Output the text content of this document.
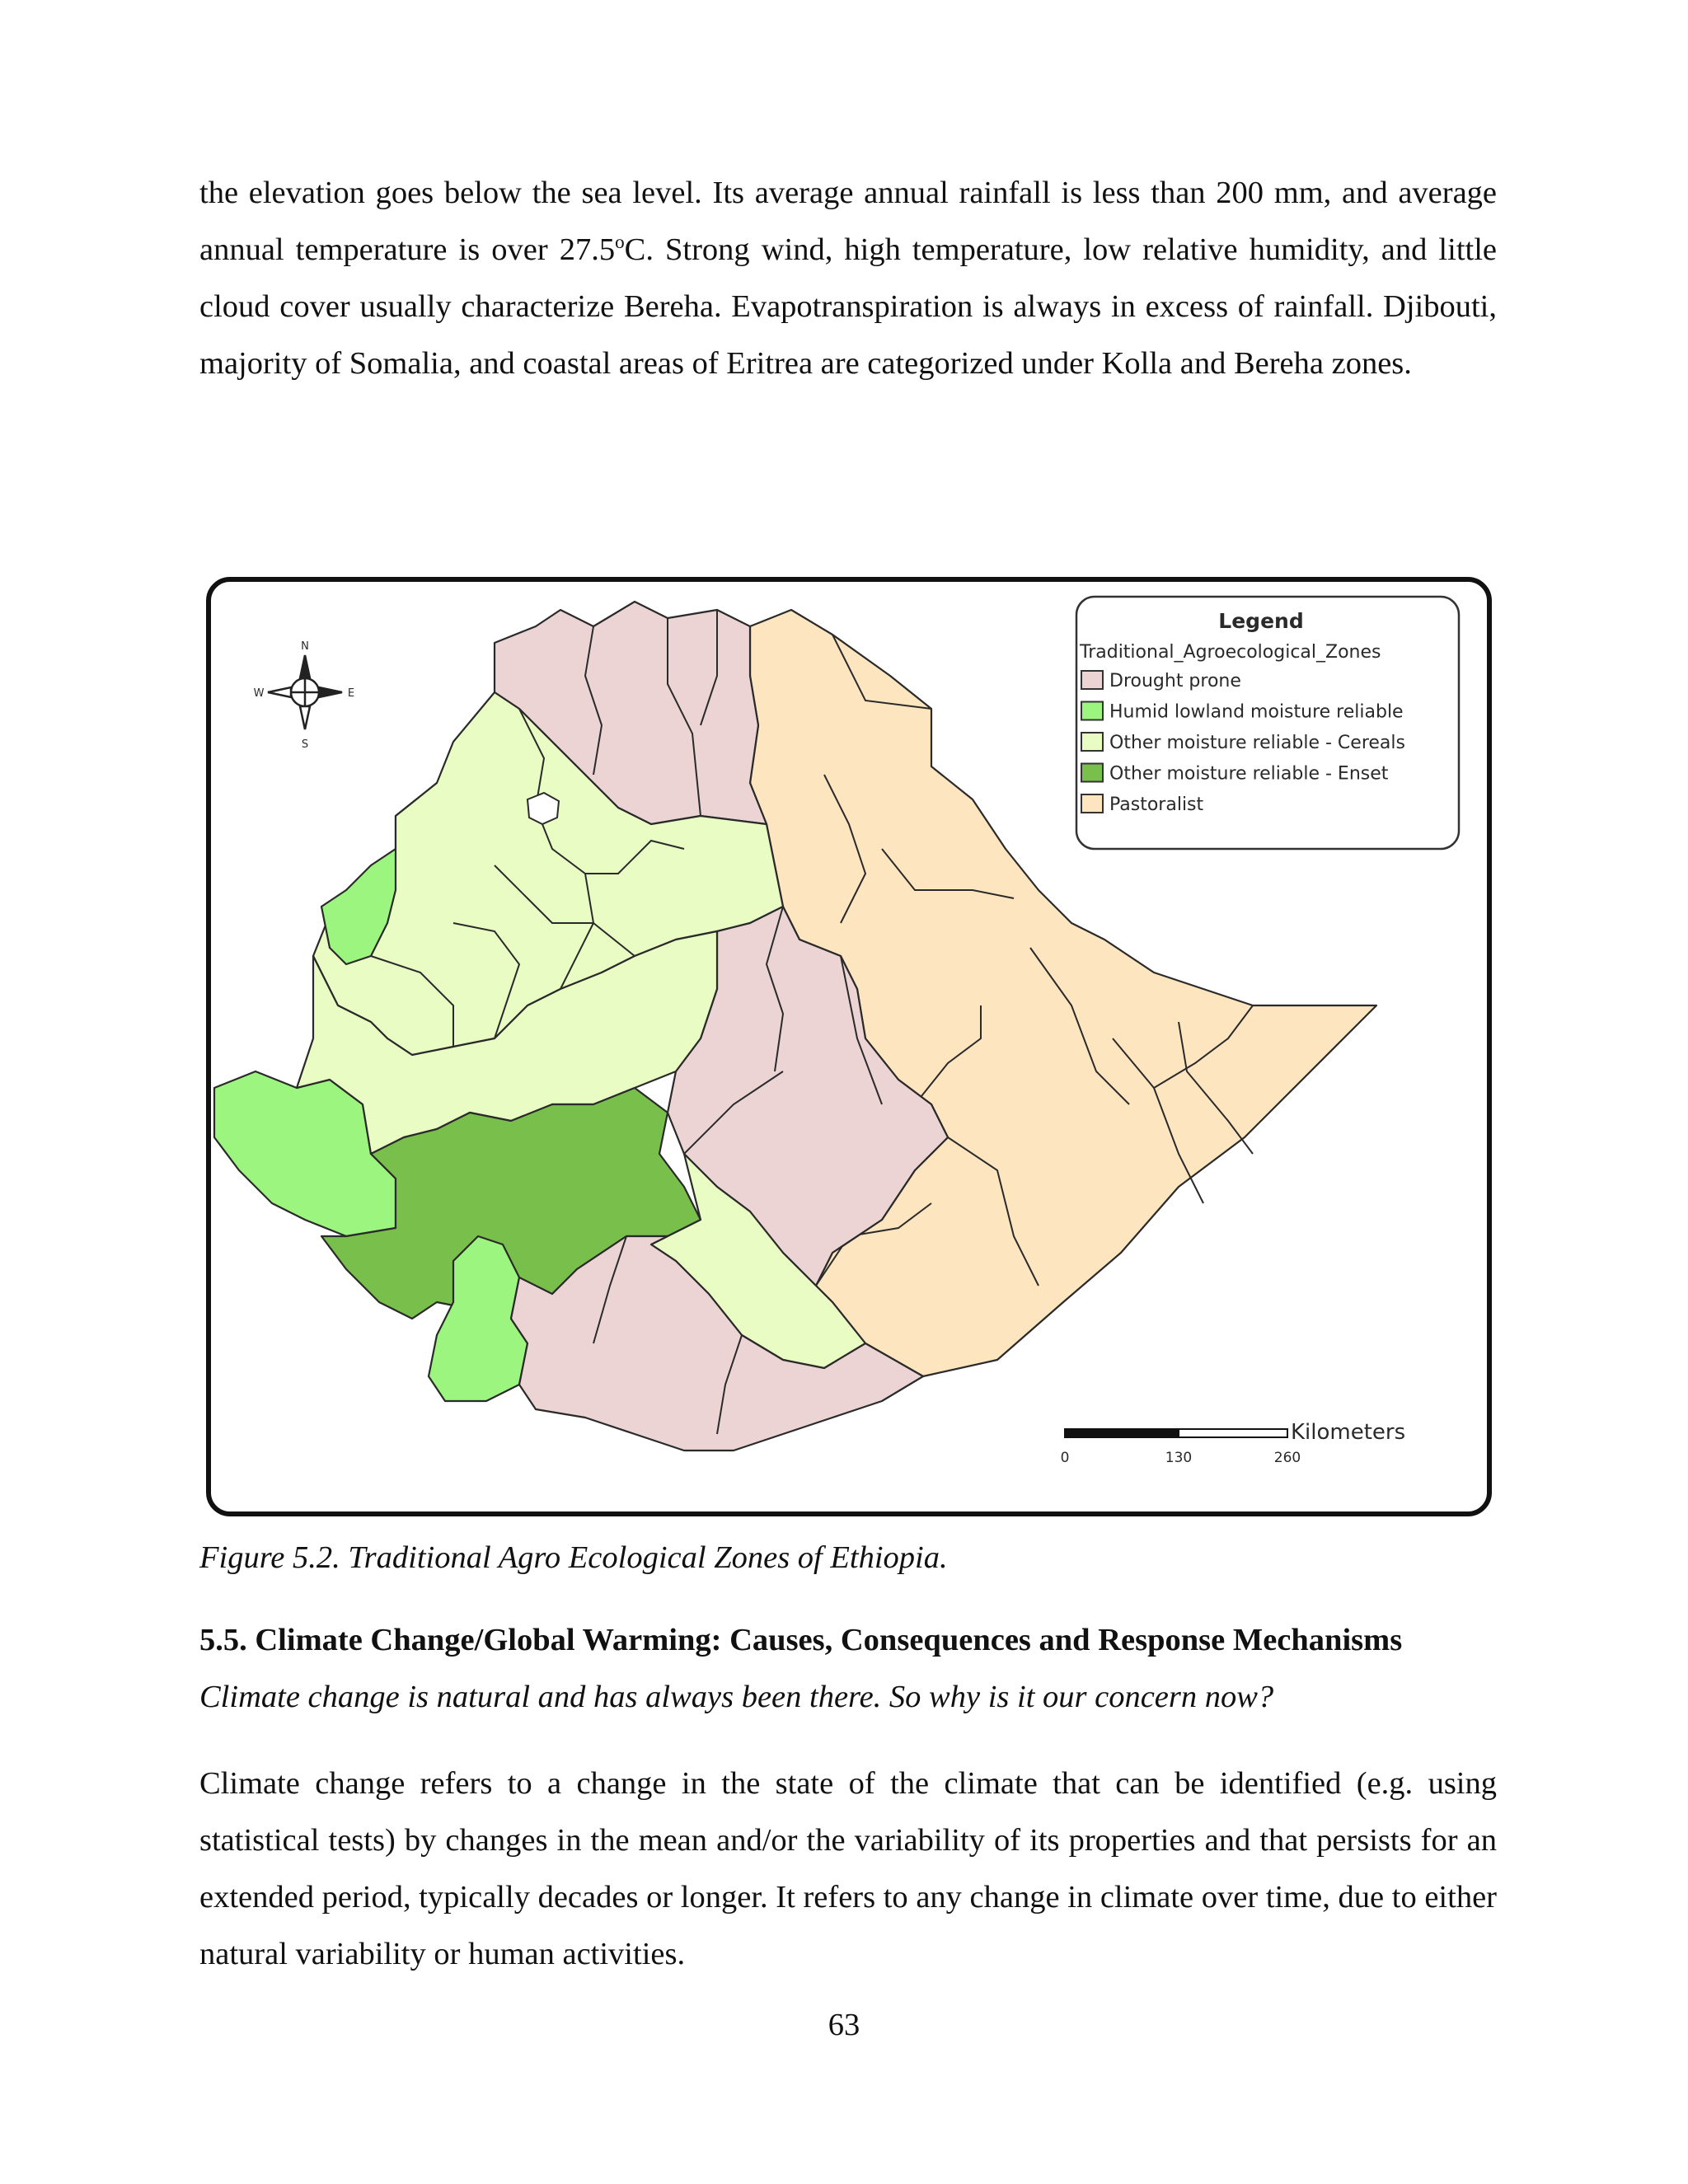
the elevation goes below the sea level. Its average annual rainfall is less than 200 mm, and average annual temperature is over 27.5$^o$C. Strong wind, high temperature, low relative humidity, and little cloud cover usually characterize Bereha. Evapotranspiration is always in excess of rainfall. Djibouti, majority of Somalia, and coastal areas of Eritrea are categorized under Kolla and Bereha zones.

N
S
E
W
Legend
Traditional_Agroecological_Zones
Drought prone
Humid lowland moisture reliable
Other moisture reliable - Cereals
Other moisture reliable - Enset
Pastoralist
Kilometers
0	130	260

Figure 5.2. Traditional Agro Ecological Zones of Ethiopia.

5.5. Climate Change/Global Warming: Causes, Consequences and Response Mechanisms

Climate change is natural and has always been there. So why is it our concern now?

Climate change refers to a change in the state of the climate that can be identified (e.g. using statistical tests) by changes in the mean and/or the variability of its properties and that persists for an extended period, typically decades or longer. It refers to any change in climate over time, due to either natural variability or human activities.

63
